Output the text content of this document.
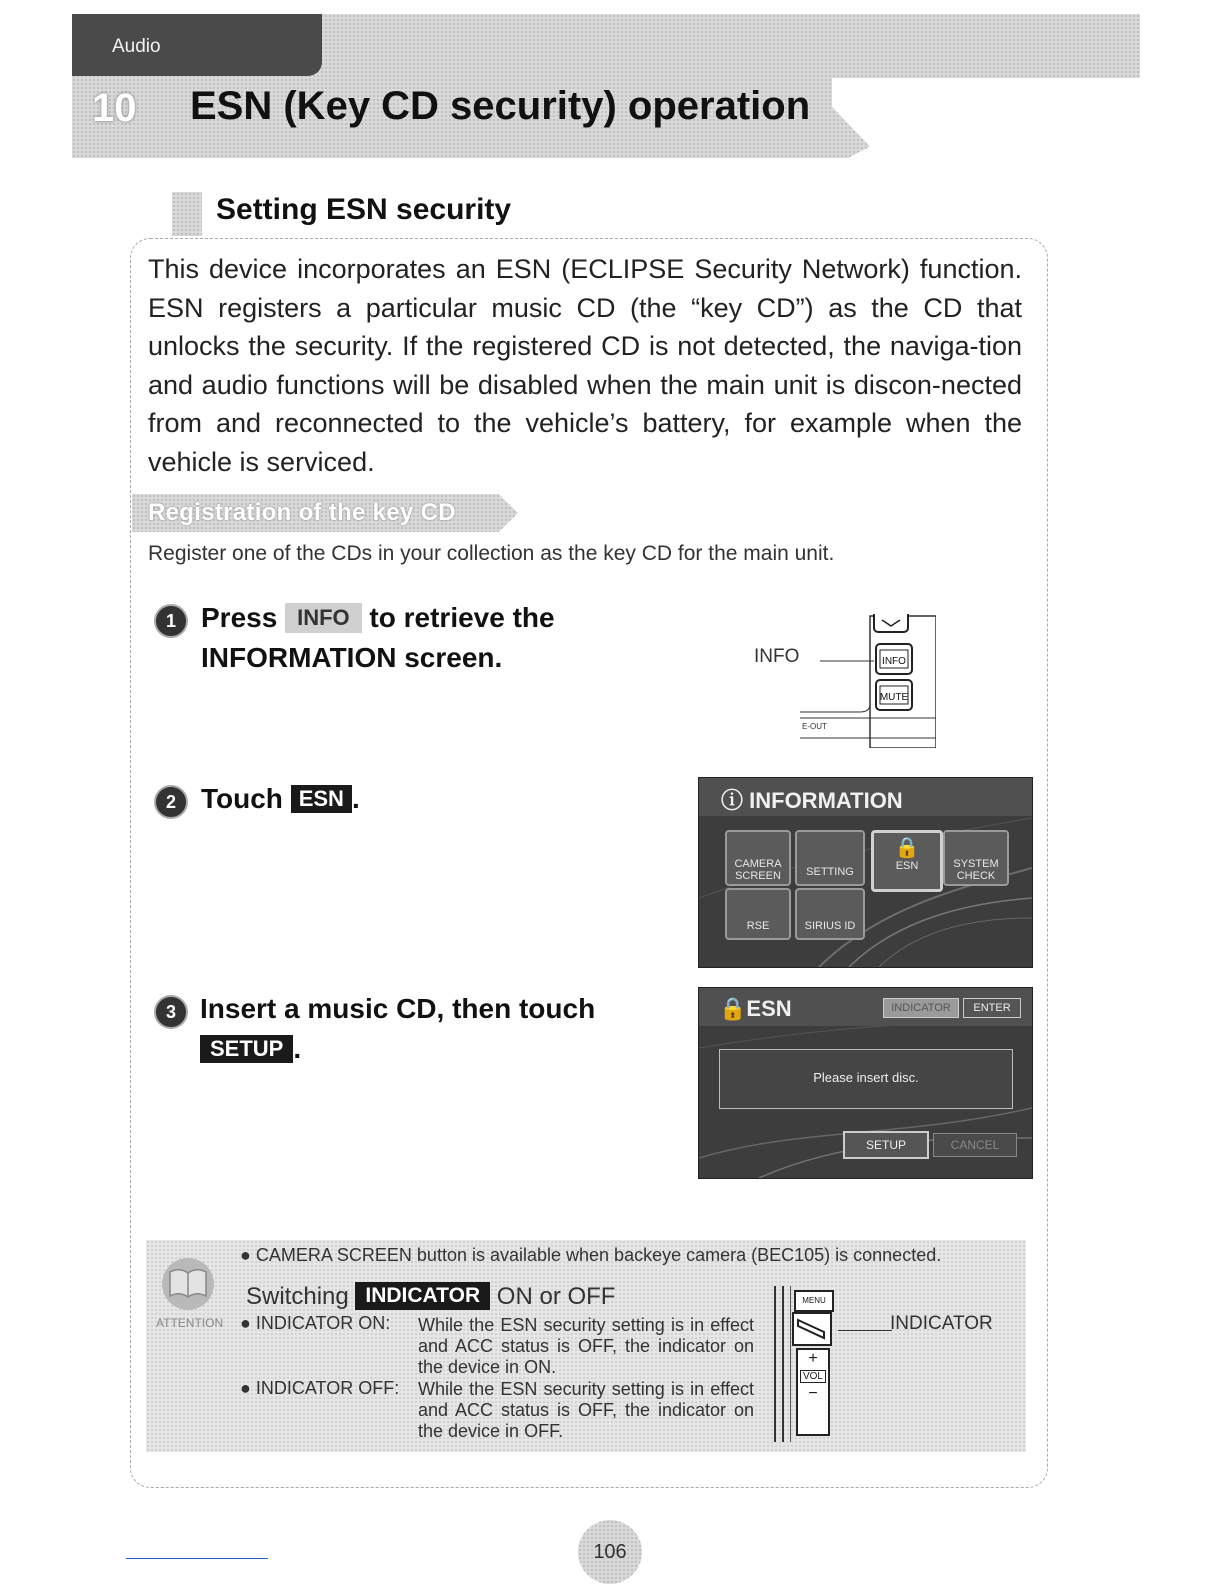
Audio
10 ESN (Key CD security) operation
Setting ESN security
This device incorporates an ESN (ECLIPSE Security Network) function. ESN registers a particular music CD (the “key CD”) as the CD that unlocks the security. If the registered CD is not detected, the naviga-tion and audio functions will be disabled when the main unit is discon-nected from and reconnected to the vehicle’s battery, for example when the vehicle is serviced.
Registration of the key CD
Register one of the CDs in your collection as the key CD for the main unit.
1 Press INFO to retrieve the
INFORMATION screen.	INFO	INFO
MUTE
E-OUT
2 Touch ESN .	ⓘ INFORMATION
CAMERA SCREEN	SETTING
🔒
ESN	SYSTEM CHECK
RSE	SIRIUS ID
3 Insert a music CD, then touch
SETUP .
🔒ESN	INDICATOR	ENTER
Please insert disc.
SETUP	CANCEL
ATTENTION
● CAMERA SCREEN button is available when backeye camera (BEC105) is connected.
Switching INDICATOR ON or OFF
● INDICATOR ON: While the ESN security setting is in effect and ACC status is OFF, the indicator on the device in ON.
● INDICATOR OFF: While the ESN security setting is in effect and ACC status is OFF, the indicator on the device in OFF.
MENU
+
VOL
−
INDICATOR
106
